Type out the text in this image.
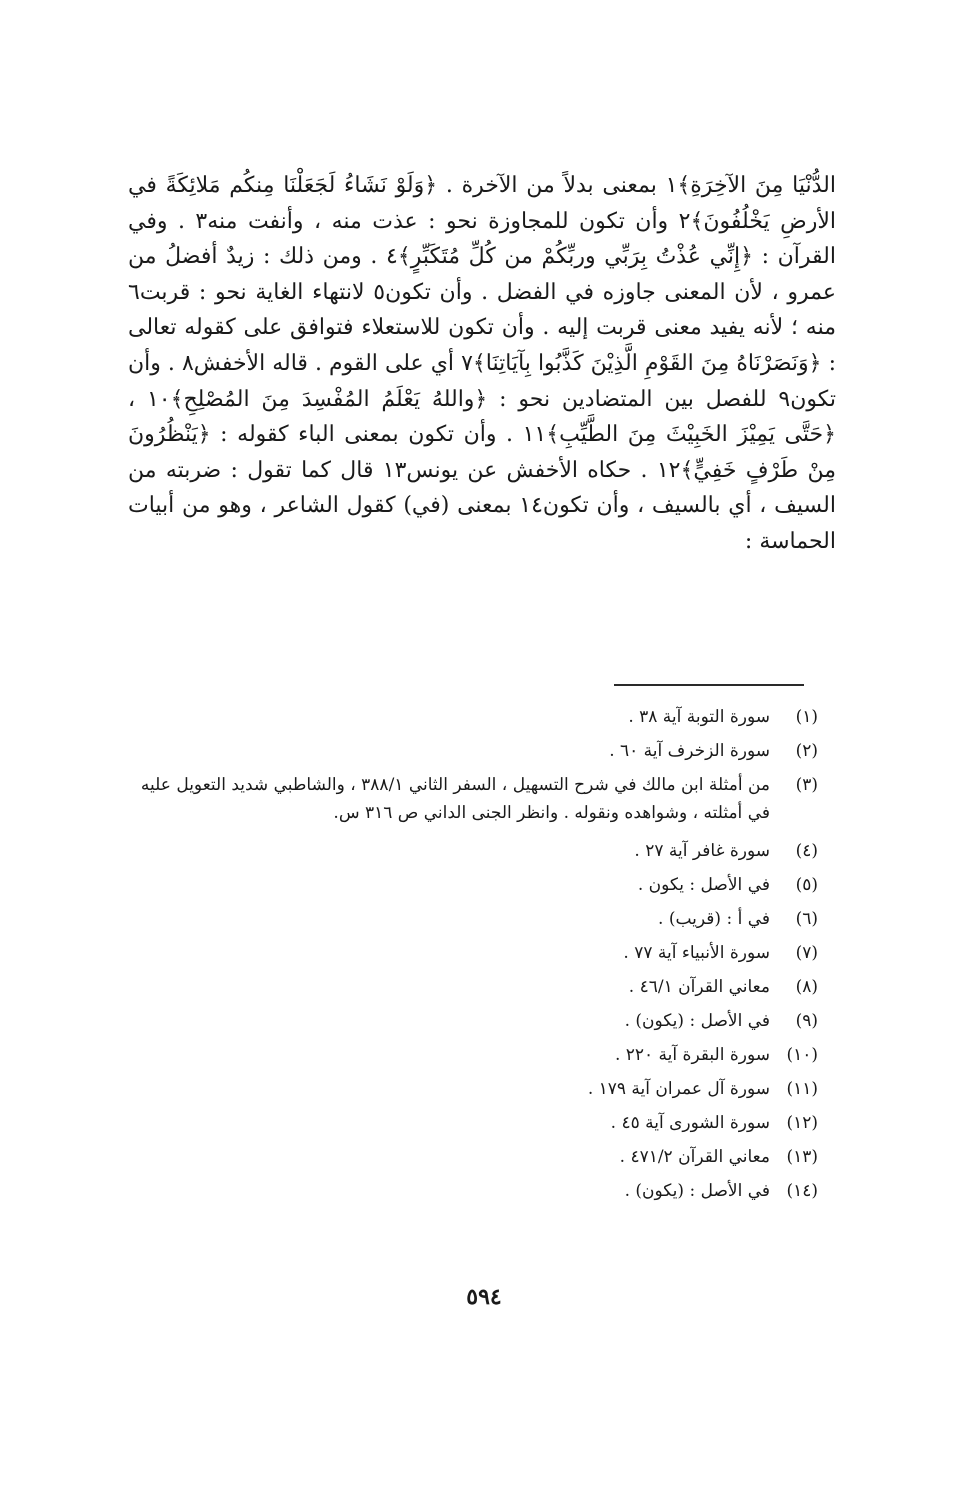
الدُّنْيَا مِنَ الآخِرَةِ﴾١ بمعنى بدلاً من الآخرة . ﴿وَلَوْ نَشَاءُ لَجَعَلْنَا مِنكُم مَلائِكَةً في الأرضِ يَخْلُفُونَ﴾٢ وأن تكون للمجاوزة نحو : عذت منه ، وأنفت منه٣ . وفي القرآن : ﴿إِنِّي عُذْتُ بِرَبِّي وربِّكُمْ من كُلِّ مُتَكَبِّرٍ﴾٤ . ومن ذلك : زيدٌ أفضلُ من عمرو ، لأن المعنى جاوزه في الفضل . وأن تكون٥ لانتهاء الغاية نحو : قربت٦ منه ؛ لأنه يفيد معنى قربت إليه . وأن تكون للاستعلاء فتوافق على كقوله تعالى : ﴿وَنَصَرْنَاهُ مِنَ القَوْمِ الَّذِيْنَ كَذَّبُوا بِآيَاتِنَا﴾٧ أي على القوم . قاله الأخفش٨ . وأن تكون٩ للفصل بين المتضادين نحو : ﴿واللهُ يَعْلَمُ المُفْسِدَ مِنَ المُصْلِحِ﴾١٠ ، ﴿حَتَّى يَمِيْزَ الخَبِيْثَ مِنَ الطَّيِّبِ﴾١١ . وأن تكون بمعنى الباء كقوله : ﴿يَنْظُرُونَ مِنْ طَرْفٍ خَفِيٍّ﴾١٢ . حكاه الأخفش عن يونس١٣ قال كما تقول : ضربته من السيف ، أي بالسيف ، وأن تكون١٤ بمعنى (في) كقول الشاعر ، وهو من أبيات الحماسة :

(١)
سورة التوبة آية ٣٨ .
(٢)
سورة الزخرف آية ٦٠ .
(٣)
من أمثلة ابن مالك في شرح التسهيل ، السفر الثاني ٣٨٨/١ ، والشاطبي شديد التعويل عليه في أمثلته ، وشواهده ونقوله . وانظر الجنى الداني ص ٣١٦ س.
(٤)
سورة غافر آية ٢٧ .
(٥)
في الأصل : يكون .
(٦)
في أ : (قريب) .
(٧)
سورة الأنبياء آية ٧٧ .
(٨)
معاني القرآن ٤٦/١ .
(٩)
في الأصل : (يكون) .
(١٠)
سورة البقرة آية ٢٢٠ .
(١١)
سورة آل عمران آية ١٧٩ .
(١٢)
سورة الشورى آية ٤٥ .
(١٣)
معاني القرآن ٤٧١/٢ .
(١٤)
في الأصل : (يكون) .
٥٩٤
